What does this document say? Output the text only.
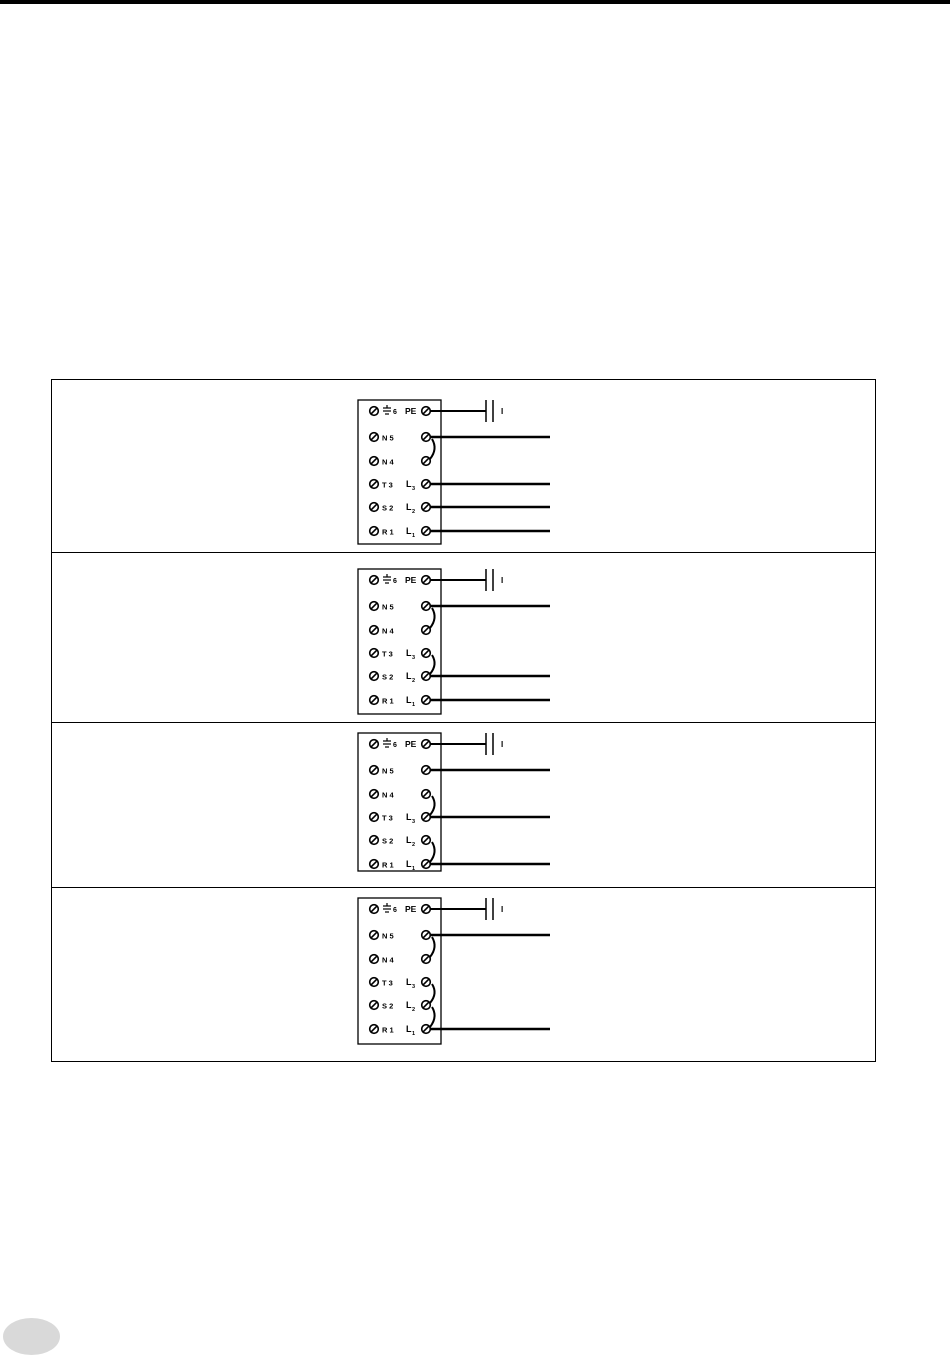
6 PE
N 5
N 4
T 3 L 3
S 2 L 2
R 1 L 1
I
6 PE
N 5
N 4
T 3 L 3
S 2 L 2
R 1 L 1
I
6 PE
N 5
N 4
T 3 L 3
S 2 L 2
R 1 L 1
I
6 PE
N 5
N 4
T 3 L 3
S 2 L 2
R 1 L 1
I
